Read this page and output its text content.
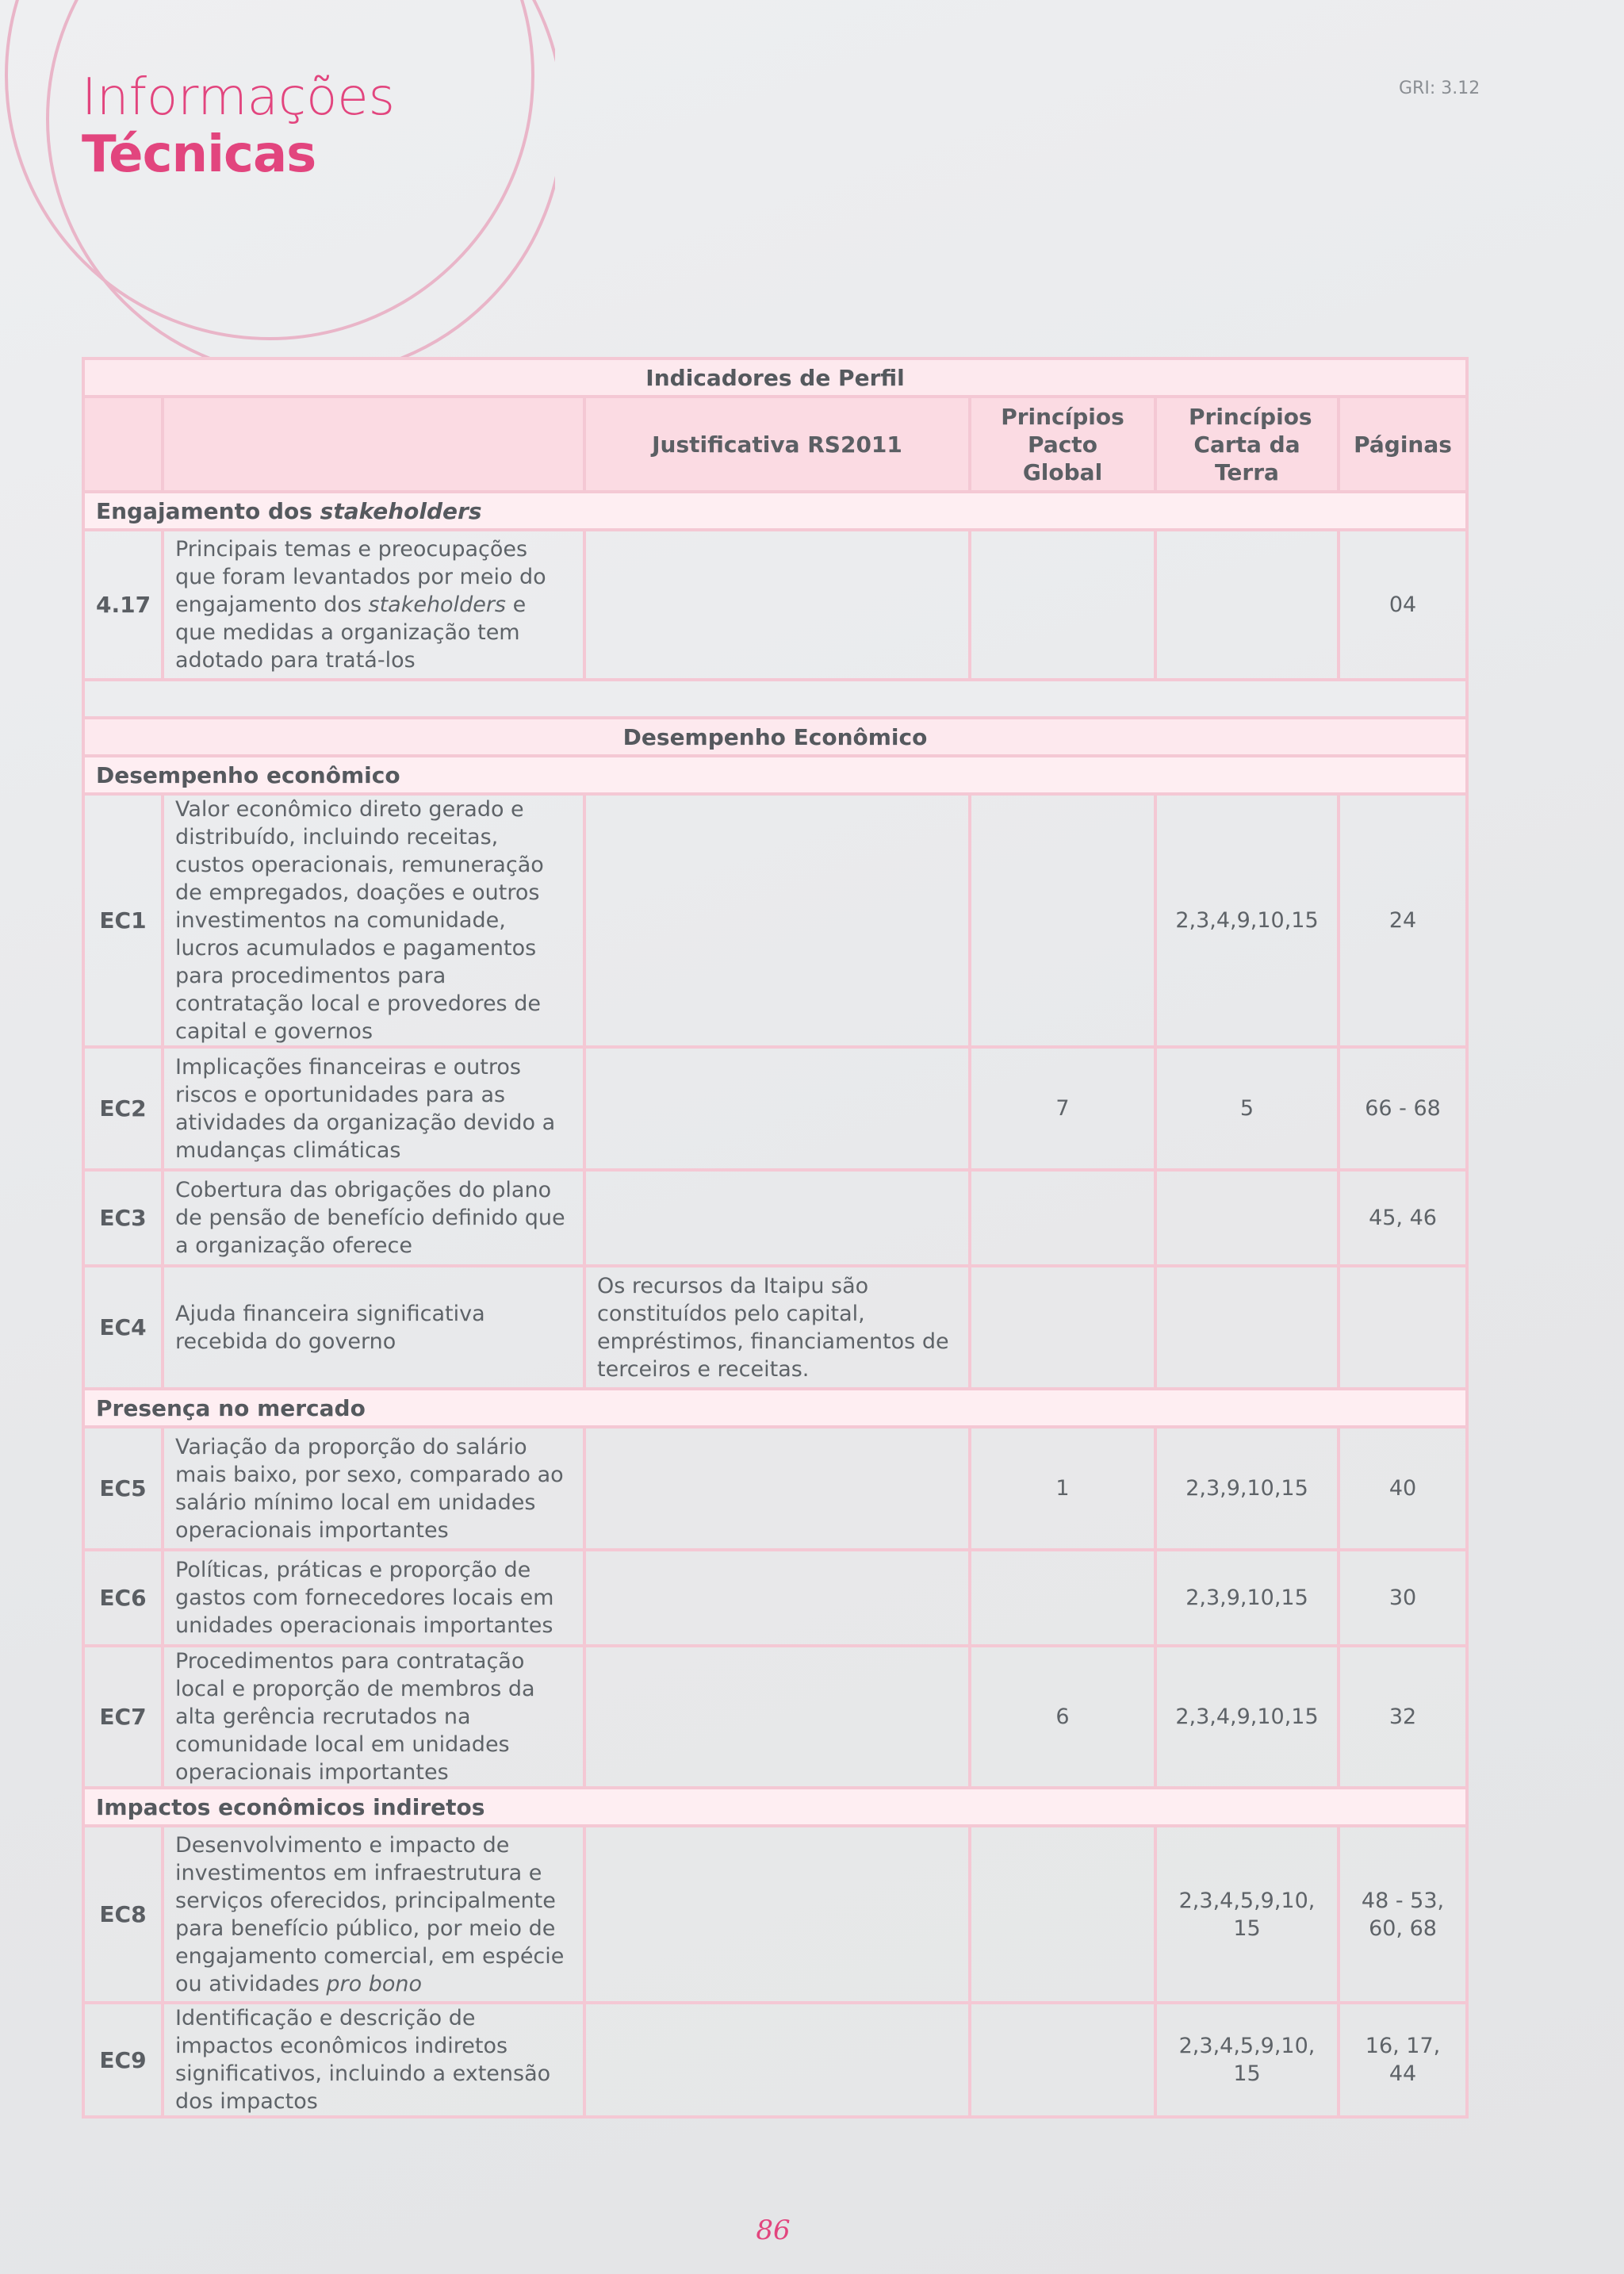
Informações
Técnicas
GRI: 3.12
Indicadores de Perfil					
		Justificativa RS2011	Princípios Pacto Global	Princípios Carta da Terra	Páginas
Engajamento dos stakeholders					
4.17	Principais temas e preocupações que foram levantados por meio do engajamento dos stakeholders e que medidas a organização tem adotado para tratá-los				04

Desempenho Econômico					
Desempenho econômico					
EC1	Valor econômico direto gerado e distribuído, incluindo receitas, custos operacionais, remuneração de empregados, doações e outros investimentos na comunidade, lucros acumulados e pagamentos para procedimentos para contratação local e provedores de capital e governos			2,3,4,9,10,15	24
EC2	Implicações financeiras e outros riscos e oportunidades para as atividades da organização devido a mudanças climáticas		7	5	66 - 68
EC3	Cobertura das obrigações do plano de pensão de benefício definido que a organização oferece				45, 46
EC4	Ajuda financeira significativa recebida do governo	Os recursos da Itaipu são constituídos pelo capital, empréstimos, financiamentos de terceiros e receitas.			
Presença no mercado					
EC5	Variação da proporção do salário mais baixo, por sexo, comparado ao salário mínimo local em unidades operacionais importantes		1	2,3,9,10,15	40
EC6	Políticas, práticas e proporção de gastos com fornecedores locais em unidades operacionais importantes			2,3,9,10,15	30
EC7	Procedimentos para contratação local e proporção de membros da alta gerência recrutados na comunidade local em unidades operacionais importantes		6	2,3,4,9,10,15	32
Impactos econômicos indiretos					
EC8	Desenvolvimento e impacto de investimentos em infraestrutura e serviços oferecidos, principalmente para benefício público, por meio de engajamento comercial, em espécie ou atividades pro bono			2,3,4,5,9,10, 15	48 - 53, 60, 68
EC9	Identificação e descrição de impactos econômicos indiretos significativos, incluindo a extensão dos impactos			2,3,4,5,9,10, 15	16, 17, 44
86
